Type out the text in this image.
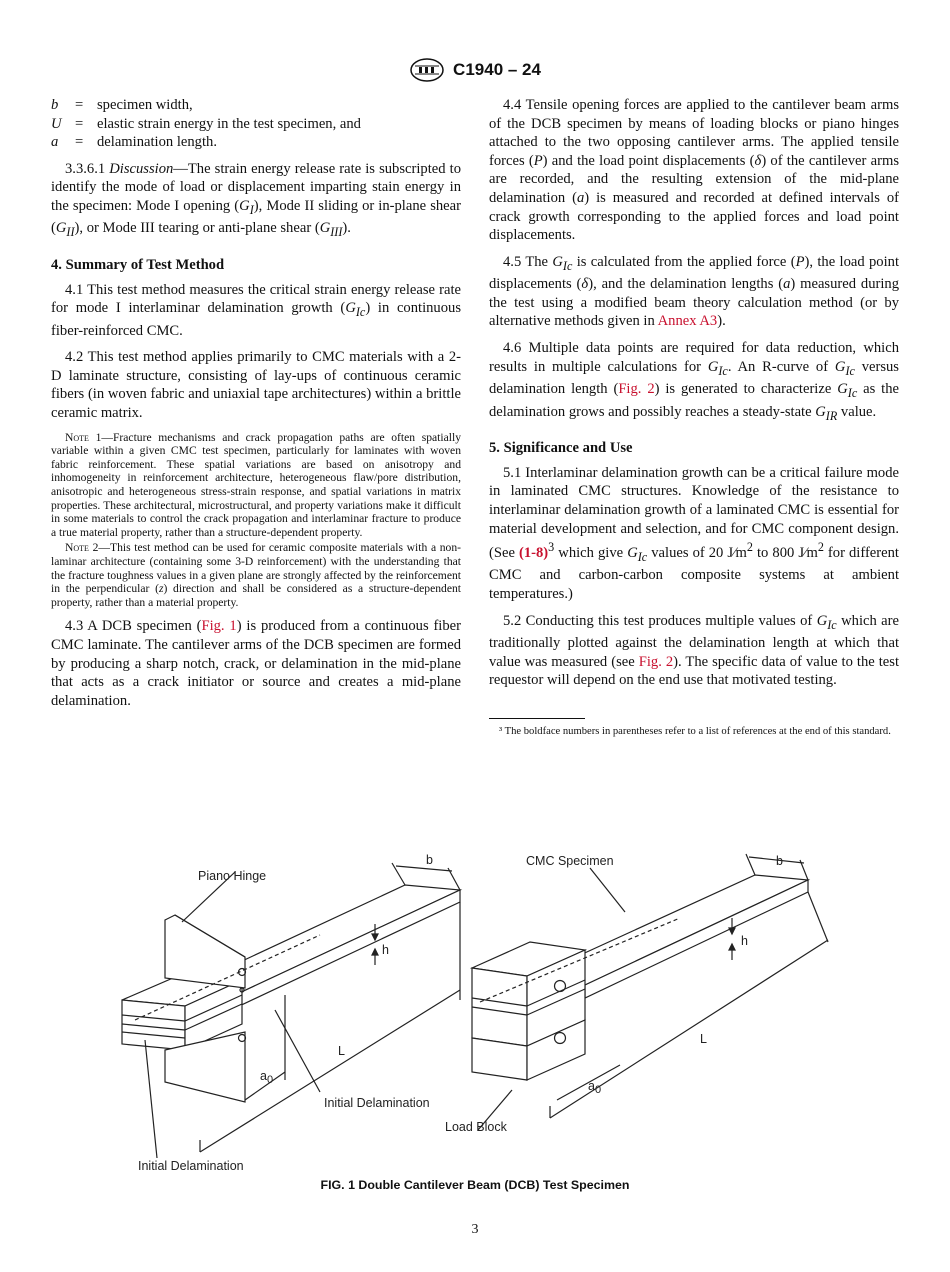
C1940 – 24
b	= specimen width,
U = elastic strain energy in the test specimen, and
a	= delamination length.

3.3.6.1 Discussion—The strain energy release rate is subscripted to identify the mode of load or displacement imparting stain energy in the specimen: Mode I opening $(G_I)$, Mode II sliding or in-plane shear $(G_{II})$, or Mode III tearing or anti-plane shear $(G_{III})$.

4. Summary of Test Method

4.1 This test method measures the critical strain energy release rate for mode I interlaminar delamination growth $(G_{Ic})$ in continuous fiber-reinforced CMC.

4.2 This test method applies primarily to CMC materials with a 2-D laminate structure, consisting of lay-ups of continuous ceramic fibers (in woven fabric and uniaxial tape architectures) within a brittle ceramic matrix.

Note 1—Fracture mechanisms and crack propagation paths are often spatially variable within a given CMC test specimen, particularly for laminates with woven fabric reinforcement. These spatial variations are based on anisotropy and inhomogeneity in reinforcement architecture, heterogeneous flaw/pore distribution, anisotropic and heterogeneous stress-strain response, and spatial variations in matrix properties. These architectural, microstructural, and property variations make it difficult in some materials to control the crack propagation and interlaminar fracture to produce a true material property, rather than a structure-dependent property.

Note 2—This test method can be used for ceramic composite materials with a non-laminar architecture (containing some 3-D reinforcement) with the understanding that the fracture toughness values in a given plane are strongly affected by the reinforcement in the perpendicular (z) direction and shall be considered as a structure-dependent property, rather than a material property.

4.3 A DCB specimen (Fig. 1) is produced from a continuous fiber CMC laminate. The cantilever arms of the DCB specimen are formed by producing a sharp notch, crack, or delamination in the mid-plane that acts as a crack initiator or source and creates a mid-plane delamination.

4.4 Tensile opening forces are applied to the cantilever beam arms of the DCB specimen by means of loading blocks or piano hinges attached to the two opposing cantilever arms. The applied tensile forces (P) and the load point displacements (δ) of the cantilever arms are recorded, and the resulting extension of the mid-plane delamination (a) is measured and recorded at defined intervals of crack growth corresponding to the applied forces and load point displacements.

4.5 The $G_{Ic}$ is calculated from the applied force (P), the load point displacements (δ), and the delamination lengths (a) measured during the test using a modified beam theory calculation method (or by alternative methods given in Annex A3).

4.6 Multiple data points are required for data reduction, which results in multiple calculations for $G_{Ic}$. An R-curve of $G_{Ic}$ versus delamination length (Fig. 2) is generated to characterize $G_{Ic}$ as the delamination grows and possibly reaches a steady-state $G_{IR}$ value.

5. Significance and Use

5.1 Interlaminar delamination growth can be a critical failure mode in laminated CMC structures. Knowledge of the resistance to interlaminar delamination growth of a laminated CMC is essential for material development and selection, and for CMC component design. (See $(1-8)^3$ which give $G_{Ic}$ values of 20 $J⁄m^2$ to 800 $J⁄m^2$ for different CMC and carbon-carbon composite systems at ambient temperatures.)

5.2 Conducting this test produces multiple values of $G_{Ic}$ which are traditionally plotted against the delamination length at which that value was measured (see Fig. 2). The specific data of value to the test requestor will depend on the end use that motivated testing.

³ The boldface numbers in parentheses refer to a list of references at the end of this standard.

Piano Hinge
CMC Specimen
b	b
h
h
L
L
a0	a0
Initial Delamination
Load Block
Initial Delamination
FIG. 1 Double Cantilever Beam (DCB) Test Specimen
3
